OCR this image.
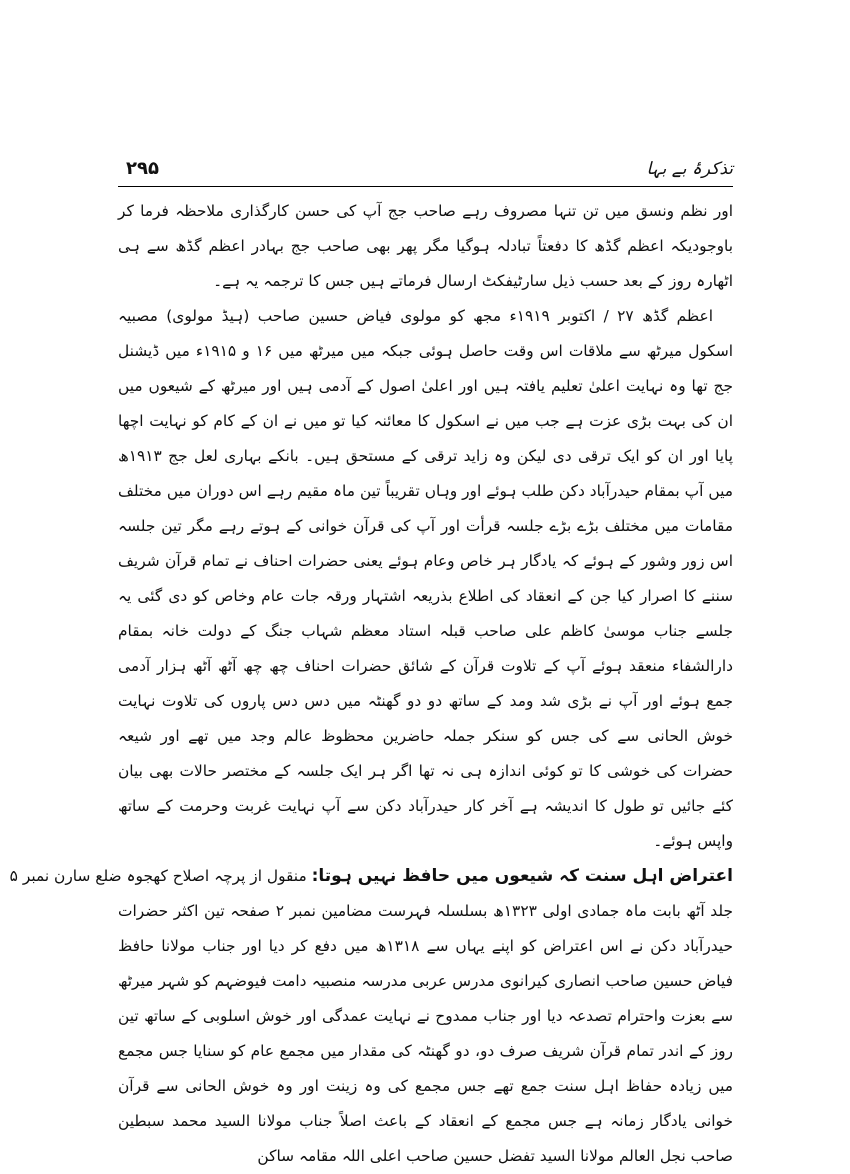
تذکرۂ بے بہا
۲۹۵

اور نظم ونسق میں تن تنہا مصروف رہے صاحب جج آپ کی حسن کارگذاری ملاحظہ فرما کر باوجودیکہ اعظم گڈھ کا دفعتاً تبادلہ ہوگیا مگر پھر بھی صاحب جج بہادر اعظم گڈھ سے ہی اٹھارہ روز کے بعد حسب ذیل سارٹیفکٹ ارسال فرماتے ہیں جس کا ترجمہ یہ ہے۔

اعظم گڈھ ۲۷ / اکتوبر ۱۹۱۹ء مجھ کو مولوی فیاض حسین صاحب (ہیڈ مولوی) مصبیہ اسکول میرٹھ سے ملاقات اس وقت حاصل ہوئی جبکہ میں میرٹھ میں ۱۶ و ۱۹۱۵ء میں ڈیشنل جج تھا وہ نہایت اعلیٰ تعلیم یافتہ ہیں اور اعلیٰ اصول کے آدمی ہیں اور میرٹھ کے شیعوں میں ان کی بہت بڑی عزت ہے جب میں نے اسکول کا معائنہ کیا تو میں نے ان کے کام کو نہایت اچھا پایا اور ان کو ایک ترقی دی لیکن وہ زاید ترقی کے مستحق ہیں۔ بانکے بہاری لعل جج ۱۹۱۳ھ میں آپ بمقام حیدرآباد دکن طلب ہوئے اور وہاں تقریباً تین ماہ مقیم رہے اس دوران میں مختلف مقامات میں مختلف بڑے بڑے جلسہ قرأت اور آپ کی قرآن خوانی کے ہوتے رہے مگر تین جلسہ اس زور وشور کے ہوئے کہ یادگار ہر خاص وعام ہوئے یعنی حضرات احناف نے تمام قرآن شریف سننے کا اصرار کیا جن کے انعقاد کی اطلاع بذریعہ اشتہار ورقہ جات عام وخاص کو دی گئی یہ جلسے جناب موسیٰ کاظم علی صاحب قبلہ استاد معظم شہاب جنگ کے دولت خانہ بمقام دارالشفاء منعقد ہوئے آپ کے تلاوت قرآن کے شائق حضرات احناف چھ چھ آٹھ آٹھ ہزار آدمی جمع ہوئے اور آپ نے بڑی شد ومد کے ساتھ دو دو گھنٹہ میں دس دس پاروں کی تلاوت نہایت خوش الحانی سے کی جس کو سنکر جملہ حاضرین محظوظ عالم وجد میں تھے اور شیعہ حضرات کی خوشی کا تو کوئی اندازہ ہی نہ تھا اگر ہر ایک جلسہ کے مختصر حالات بھی بیان کئے جائیں تو طول کا اندیشہ ہے آخر کار حیدرآباد دکن سے آپ نہایت غربت وحرمت کے ساتھ واپس ہوئے۔

اعتراض اہل سنت کہ شیعوں میں حافظ نہیں ہوتا: منقول از پرچہ اصلاح کھجوہ ضلع سارن نمبر ۵

جلد آٹھ بابت ماہ جمادی اولی ۱۳۲۳ھ بسلسلہ فہرست مضامین نمبر ۲ صفحہ تین اکثر حضرات حیدرآباد دکن نے اس اعتراض کو اپنے یہاں سے ۱۳۱۸ھ میں دفع کر دیا اور جناب مولانا حافظ فیاض حسین صاحب انصاری کیرانوی مدرس عربی مدرسہ منصبیہ دامت فیوضہم کو شہر میرٹھ سے بعزت واحترام تصدعہ دیا اور جناب ممدوح نے نہایت عمدگی اور خوش اسلوبی کے ساتھ تین روز کے اندر تمام قرآن شریف صرف دو، دو گھنٹہ کی مقدار میں مجمع عام کو سنایا جس مجمع میں زیادہ حفاظ اہل سنت جمع تھے جس مجمع کی وہ زینت اور وہ خوش الحانی سے قرآن خوانی یادگار زمانہ ہے جس مجمع کے انعقاد کے باعث اصلاً جناب مولانا السید محمد سبطین صاحب نجل العالم مولانا السید تفضل حسین صاحب اعلی اللہ مقامہ ساکن
